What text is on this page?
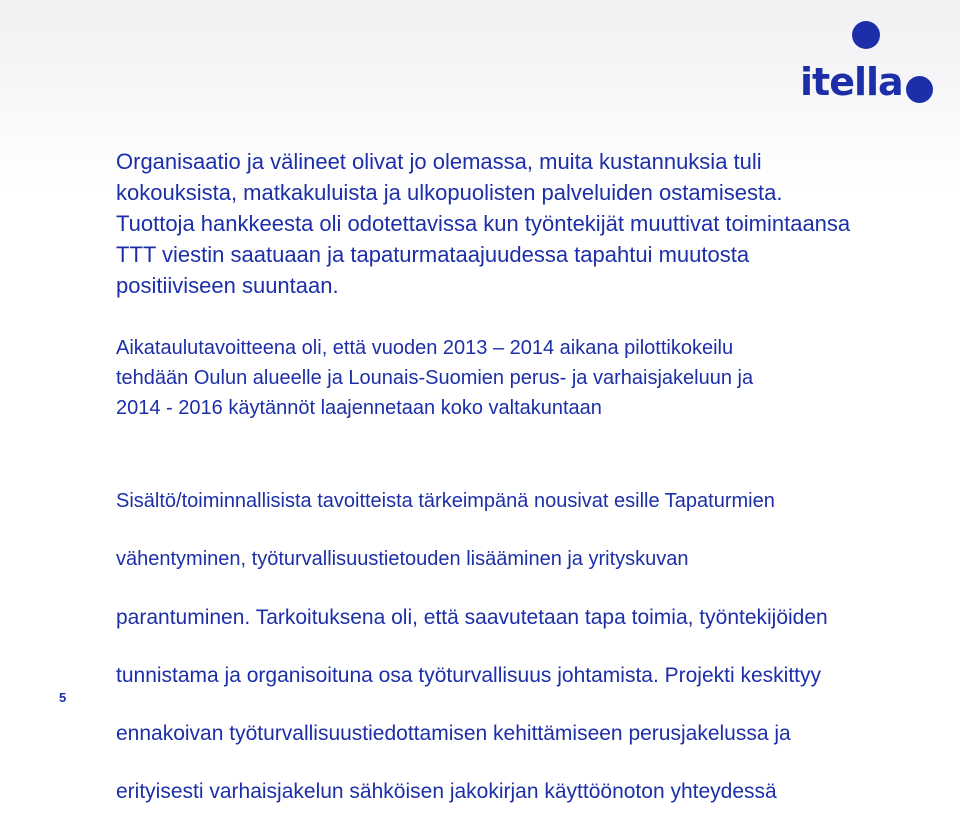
itella

Organisaatio ja välineet olivat jo olemassa, muita kustannuksia tuli
kokouksista, matkakuluista ja ulkopuolisten palveluiden ostamisesta.
Tuottoja hankkeesta oli odotettavissa kun työntekijät muuttivat toimintaansa
TTT viestin saatuaan ja tapaturmataajuudessa tapahtui muutosta
positiiviseen suuntaan.

Aikataulutavoitteena oli, että vuoden 2013 – 2014 aikana pilottikokeilu
tehdään Oulun alueelle ja Lounais-Suomien perus- ja varhaisjakeluun ja
2014 - 2016 käytännöt laajennetaan koko valtakuntaan

Sisältö/toiminnallisista tavoitteista tärkeimpänä nousivat esille Tapaturmien

vähentyminen, työturvallisuustietouden lisääminen ja yrityskuvan

parantuminen. Tarkoituksena oli, että saavutetaan tapa toimia, työntekijöiden

tunnistama ja organisoituna osa työturvallisuus johtamista. Projekti keskittyy

ennakoivan työturvallisuustiedottamisen kehittämiseen perusjakelussa ja

erityisesti varhaisjakelun sähköisen jakokirjan käyttöönoton yhteydessä

5
